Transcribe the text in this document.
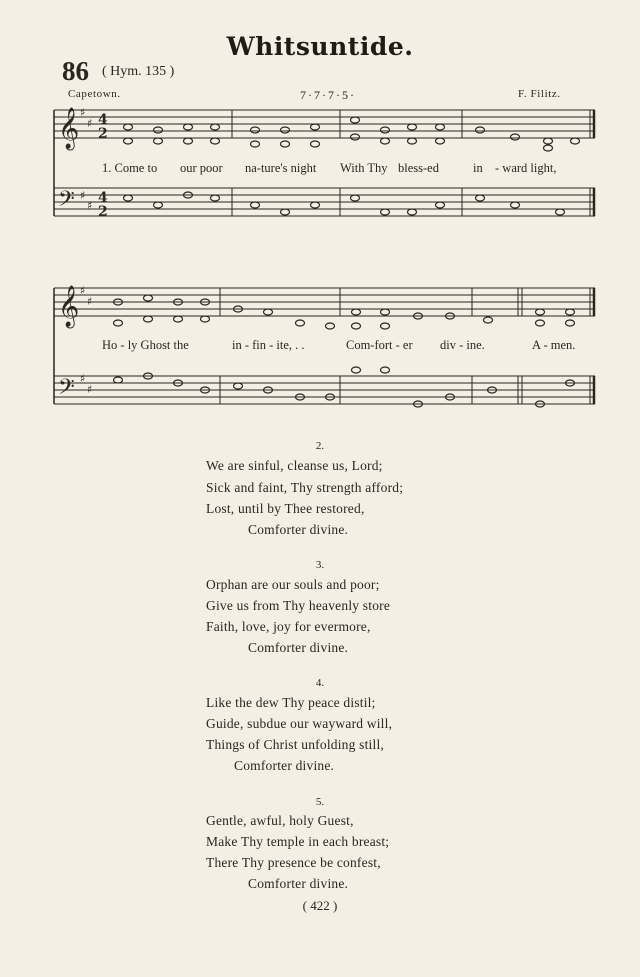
Whitsuntide.
86 ( Hym. 135 )
Capetown.	7·7·7·5·	F. Filitz.
𝄞
𝄢
𝄞
𝄢
♯
♯
♯
♯
♯
♯
♯
♯
4
2
4
2
1. Come to our poor na-ture's night With Thy bless-ed	in - ward light,
Ho - ly Ghost the	in - fin - ite, . .	Com-fort - er div - ine.	A - men.
2.
We are sinful, cleanse us, Lord;
Sick and faint, Thy strength afford;
Lost, until by Thee restored,
Comforter divine.
3.
Orphan are our souls and poor;
Give us from Thy heavenly store
Faith, love, joy for evermore,
Comforter divine.
4.
Like the dew Thy peace distil;
Guide, subdue our wayward will,
Things of Christ unfolding still,
Comforter divine.
5.
Gentle, awful, holy Guest,
Make Thy temple in each breast;
There Thy presence be confest,
Comforter divine.
( 422 )
